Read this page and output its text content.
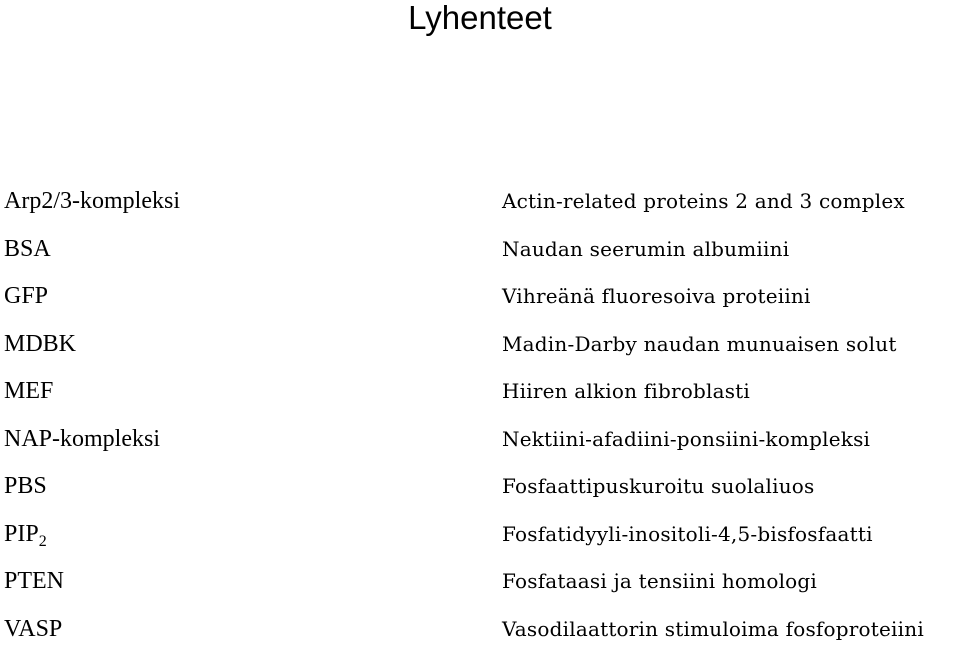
Lyhenteet
Arp2/3-kompleksi	Actin-related proteins 2 and 3 complex
BSA	Naudan seerumin albumiini
GFP	Vihreänä fluoresoiva proteiini
MDBK	Madin-Darby naudan munuaisen solut
MEF	Hiiren alkion fibroblasti
NAP-kompleksi	Nektiini-afadiini-ponsiini-kompleksi
PBS	Fosfaattipuskuroitu suolaliuos
$PIP_2$	Fosfatidyyli-inositoli-4,5-bisfosfaatti
PTEN	Fosfataasi ja tensiini homologi
VASP	Vasodilaattorin stimuloima fosfoproteiini
